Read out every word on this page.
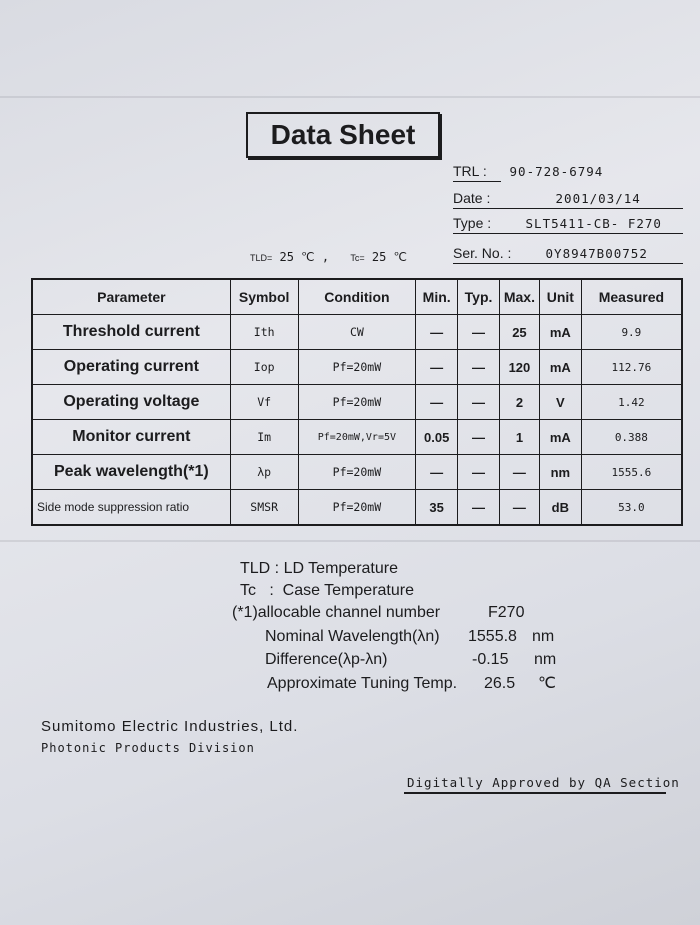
Data Sheet
TRL : 90-728-6794
Date :	2001/03/14
Type :	SLT5411-CB- F270
Ser. No. :	0Y8947B00752
TLD= 25 ℃ , Tc= 25 ℃
Parameter	Symbol	Condition	Min.	Typ.	Max.	Unit	Measured
Threshold current	Ith	CW	—	—	25	mA	9.9
Operating current	Iop	Pf=20mW	—	—	120	mA	112.76
Operating voltage	Vf	Pf=20mW	—	—	2	V	1.42
Monitor current	Im	Pf=20mW,Vr=5V	0.05	—	1	mA	0.388
Peak wavelength(*1)	λp	Pf=20mW	—	—	—	nm	1555.6
Side mode suppression ratio	SMSR	Pf=20mW	35	—	—	dB	53.0
TLD : LD Temperature
Tc   :  Case Temperature
(*1)allocable channel number	F270
Nominal Wavelength(λn) 1555.8 nm
Difference(λp-λn)	-0.15 nm
Approximate Tuning Temp. 26.5 ℃
Sumitomo Electric Industries, Ltd.
Photonic Products Division
Digitally Approved by QA Section
